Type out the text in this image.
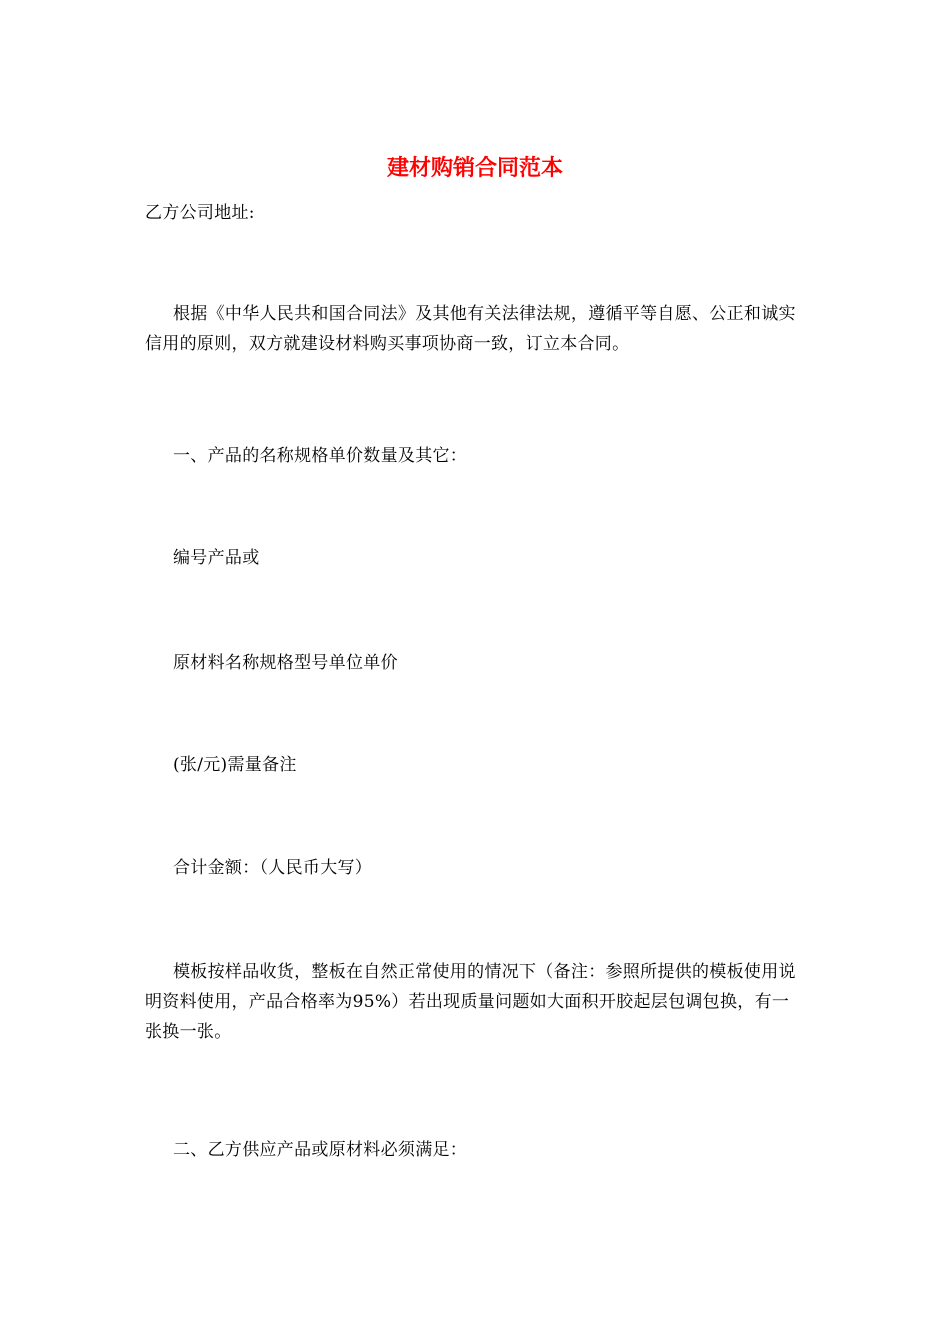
建材购销合同范本

乙方公司地址:

根据《中华人民共和国合同法》及其他有关法律法规，遵循平等自愿、公正和诚实信用的原则，双方就建设材料购买事项协商一致，订立本合同。

一、产品的名称规格单价数量及其它：

编号产品或

原材料名称规格型号单位单价

(张/元)需量备注

合计金额：（人民币大写）

模板按样品收货，整板在自然正常使用的情况下（备注：参照所提供的模板使用说明资料使用，产品合格率为95%）若出现质量问题如大面积开胶起层包调包换，有一张换一张。

二、乙方供应产品或原材料必须满足：
